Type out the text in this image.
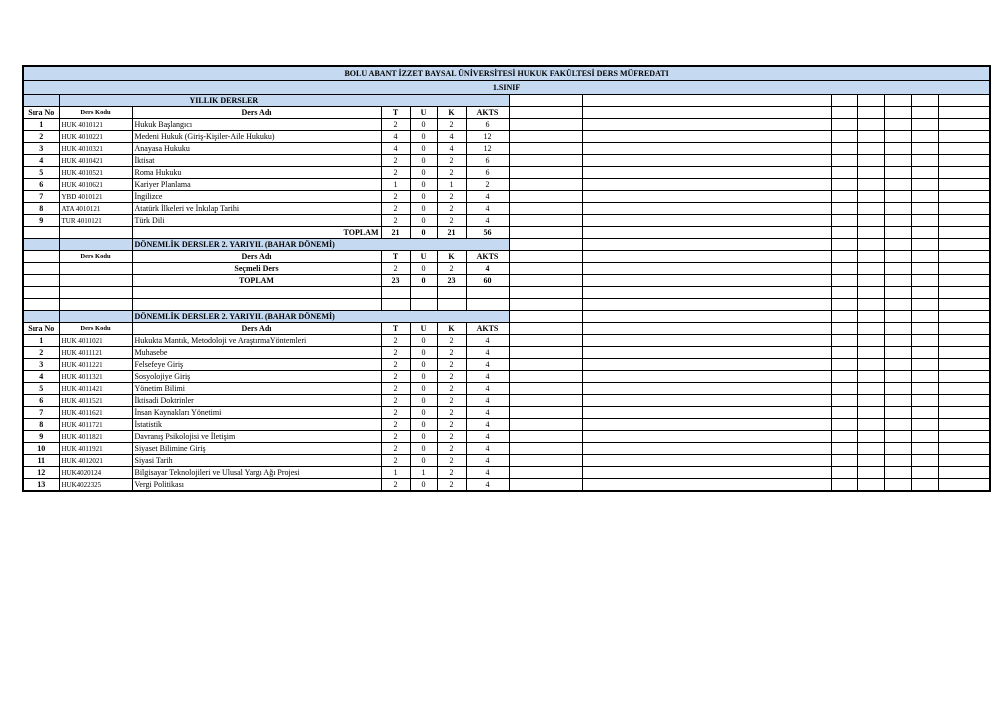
BOLU ABANT İZZET BAYSAL ÜNİVERSİTESİ HUKUK FAKÜLTESİ DERS MÜFREDATI													
1.SINIF													
	YILLIK DERSLER												
Sıra No	Ders Kodu	Ders Adı	T	U	K	AKTS							
1	HUK 4010121	Hukuk Başlangıcı	2	0	2	6							
2	HUK 4010221	Medeni Hukuk (Giriş-Kişiler-Aile Hukuku)	4	0	4	12							
3	HUK 4010321	Anayasa Hukuku	4	0	4	12							
4	HUK 4010421	İktisat	2	0	2	6							
5	HUK 4010521	Roma Hukuku	2	0	2	6							
6	HUK 4010621	Kariyer Planlama	1	0	1	2							
7	YBD 4010121	İngilizce	2	0	2	4							
8	ATA 4010121	Atatürk İlkeleri ve İnkılap Tarihi	2	0	2	4							
9	TUR 4010121	Türk Dili	2	0	2	4							
		TOPLAM	21	0	21	56							
		DÖNEMLİK DERSLER 2. YARIYIL (BAHAR DÖNEMİ)											
	Ders Kodu	Ders Adı	T	U	K	AKTS							
		Seçmeli Ders	2	0	2	4							
		TOPLAM	23	0	23	60							

		DÖNEMLİK DERSLER 2. YARIYIL (BAHAR DÖNEMİ)											
Sıra No	Ders Kodu	Ders Adı	T	U	K	AKTS							
1	HUK 4011021	Hukukta Mantık, Metodoloji ve AraştırmaYöntemleri	2	0	2	4							
2	HUK 4011121	Muhasebe	2	0	2	4							
3	HUK 4011221	Felsefeye Giriş	2	0	2	4							
4	HUK 4011321	Sosyolojiye Giriş	2	0	2	4							
5	HUK 4011421	Yönetim Bilimi	2	0	2	4							
6	HUK 4011521	İktisadi Doktrinler	2	0	2	4							
7	HUK 4011621	İnsan Kaynakları Yönetimi	2	0	2	4							
8	HUK 4011721	İstatistik	2	0	2	4							
9	HUK 4011821	Davranış Psikolojisi ve İletişim	2	0	2	4							
10	HUK 4011921	Siyaset Bilimine Giriş	2	0	2	4							
11	HUK 4012021	Siyasi Tarih	2	0	2	4							
12	HUK4020124	Bilgisayar Teknolojileri ve Ulusal Yargı Ağı Projesi	1	1	2	4							
13	HUK4022325	Vergi Politikası	2	0	2	4							
